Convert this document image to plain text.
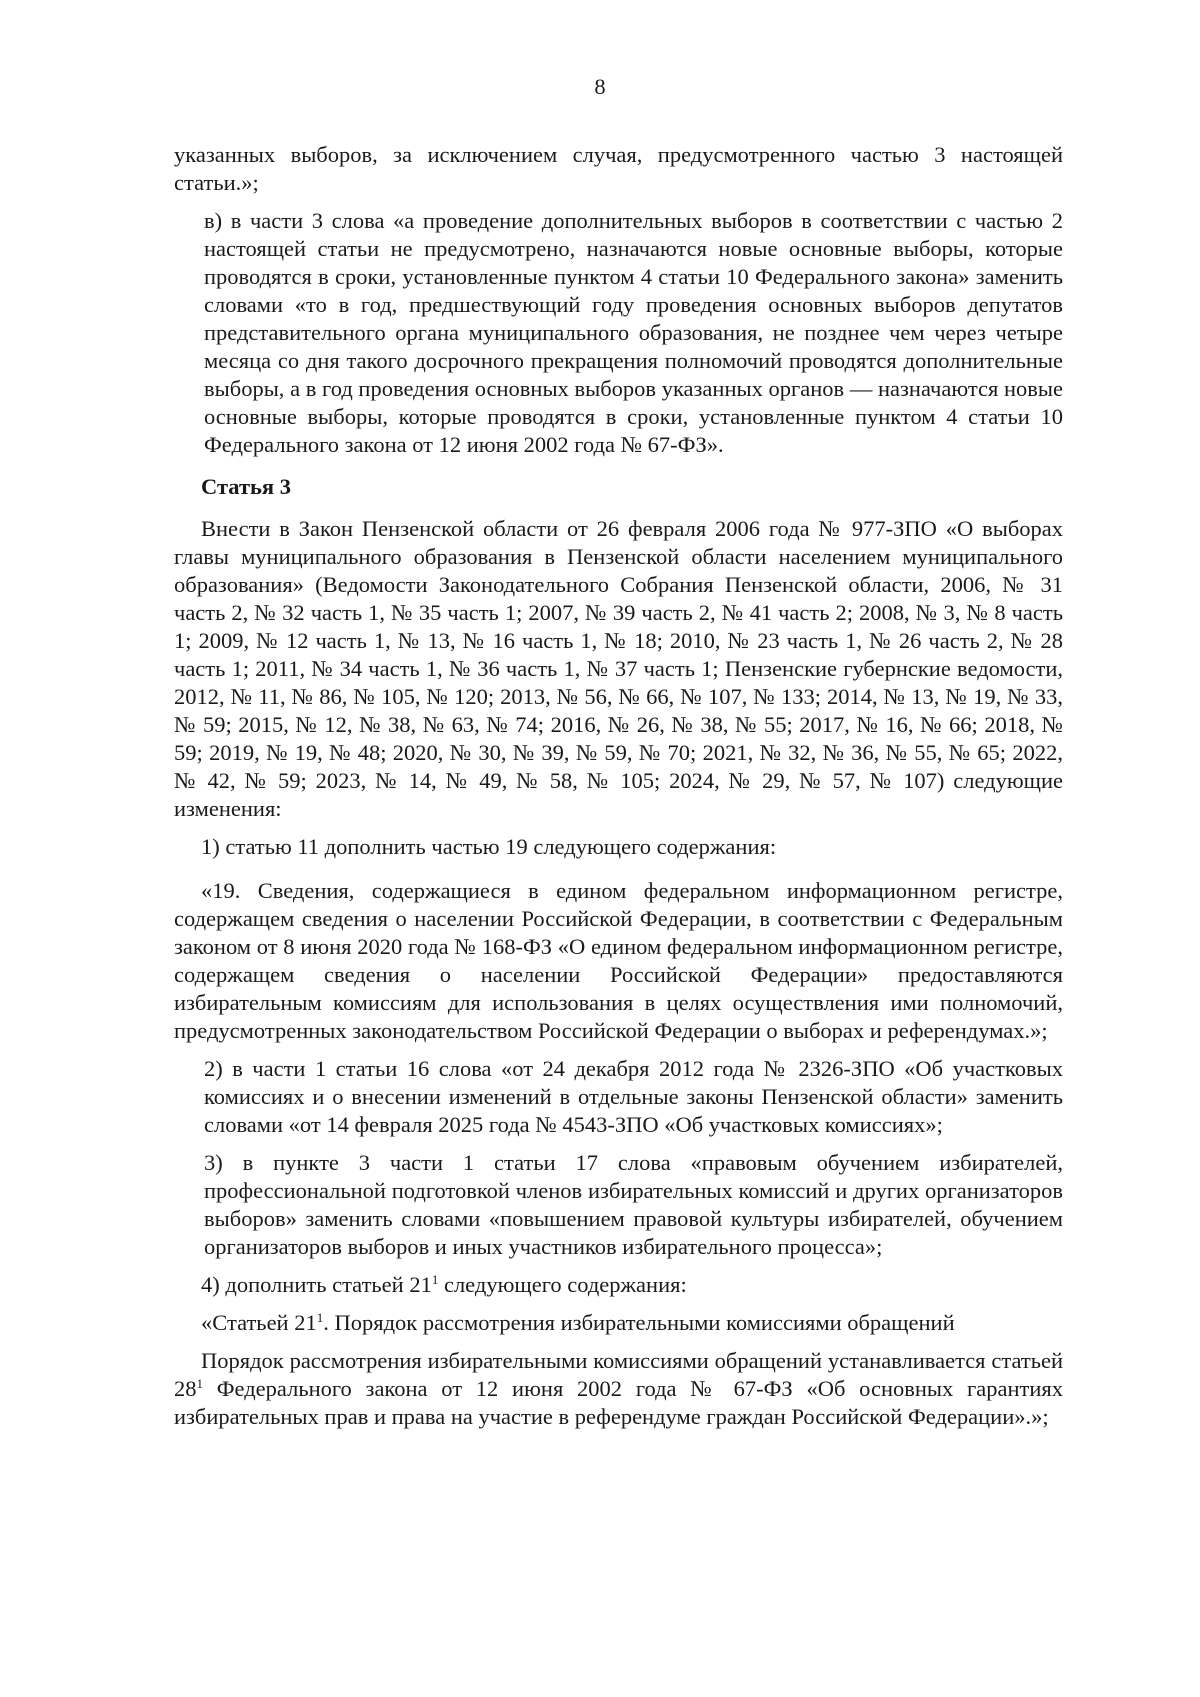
8

указанных выборов, за исключением случая, предусмотренного частью 3 настоящей статьи.»;

в) в части 3 слова «а проведение дополнительных выборов в соответствии с частью 2 настоящей статьи не предусмотрено, назначаются новые основные выборы, которые проводятся в сроки, установленные пунктом 4 статьи 10 Федерального закона» заменить словами «то в год, предшествующий году проведения основных выборов депутатов представительного органа муниципального образования, не позднее чем через четыре месяца со дня такого досрочного прекращения полномочий проводятся дополнительные выборы, а в год проведения основных выборов указанных органов — назначаются новые основные выборы, которые проводятся в сроки, установленные пунктом 4 статьи 10 Федерального закона от 12 июня 2002 года № 67-ФЗ».

Статья 3

Внести в Закон Пензенской области от 26 февраля 2006 года № 977-ЗПО «О выборах главы муниципального образования в Пензенской области населением муниципального образования» (Ведомости Законодательного Собрания Пензенской области, 2006, № 31 часть 2, № 32 часть 1, № 35 часть 1; 2007, № 39 часть 2, № 41 часть 2; 2008, № 3, № 8 часть 1; 2009, № 12 часть 1, № 13, № 16 часть 1, № 18; 2010, № 23 часть 1, № 26 часть 2, № 28 часть 1; 2011, № 34 часть 1, № 36 часть 1, № 37 часть 1; Пензенские губернские ведомости, 2012, № 11, № 86, № 105, № 120; 2013, № 56, № 66, № 107, № 133; 2014, № 13, № 19, № 33, № 59; 2015, № 12, № 38, № 63, № 74; 2016, № 26, № 38, № 55; 2017, № 16, № 66; 2018, № 59; 2019, № 19, № 48; 2020, № 30, № 39, № 59, № 70; 2021, № 32, № 36, № 55, № 65; 2022, № 42, № 59; 2023, № 14, № 49, № 58, № 105; 2024, № 29, № 57, № 107) следующие изменения:

1) статью 11 дополнить частью 19 следующего содержания:

«19. Сведения, содержащиеся в едином федеральном информационном регистре, содержащем сведения о населении Российской Федерации, в соответствии с Федеральным законом от 8 июня 2020 года № 168-ФЗ «О едином федеральном информационном регистре, содержащем сведения о населении Российской Федерации» предоставляются избирательным комиссиям для использования в целях осуществления ими полномочий, предусмотренных законодательством Российской Федерации о выборах и референдумах.»;

2) в части 1 статьи 16 слова «от 24 декабря 2012 года № 2326-ЗПО «Об участковых комиссиях и о внесении изменений в отдельные законы Пензенской области» заменить словами «от 14 февраля 2025 года № 4543-ЗПО «Об участковых комиссиях»;

3) в пункте 3 части 1 статьи 17 слова «правовым обучением избирателей, профессиональной подготовкой членов избирательных комиссий и других организаторов выборов» заменить словами «повышением правовой культуры избирателей, обучением организаторов выборов и иных участников избирательного процесса»;

4) дополнить статьей $21^1$ следующего содержания:

«Статьей $21^1$. Порядок рассмотрения избирательными комиссиями обращений

Порядок рассмотрения избирательными комиссиями обращений устанавливается статьей $28^1$ Федерального закона от 12 июня 2002 года № 67-ФЗ «Об основных гарантиях избирательных прав и права на участие в референдуме граждан Российской Федерации».»;
